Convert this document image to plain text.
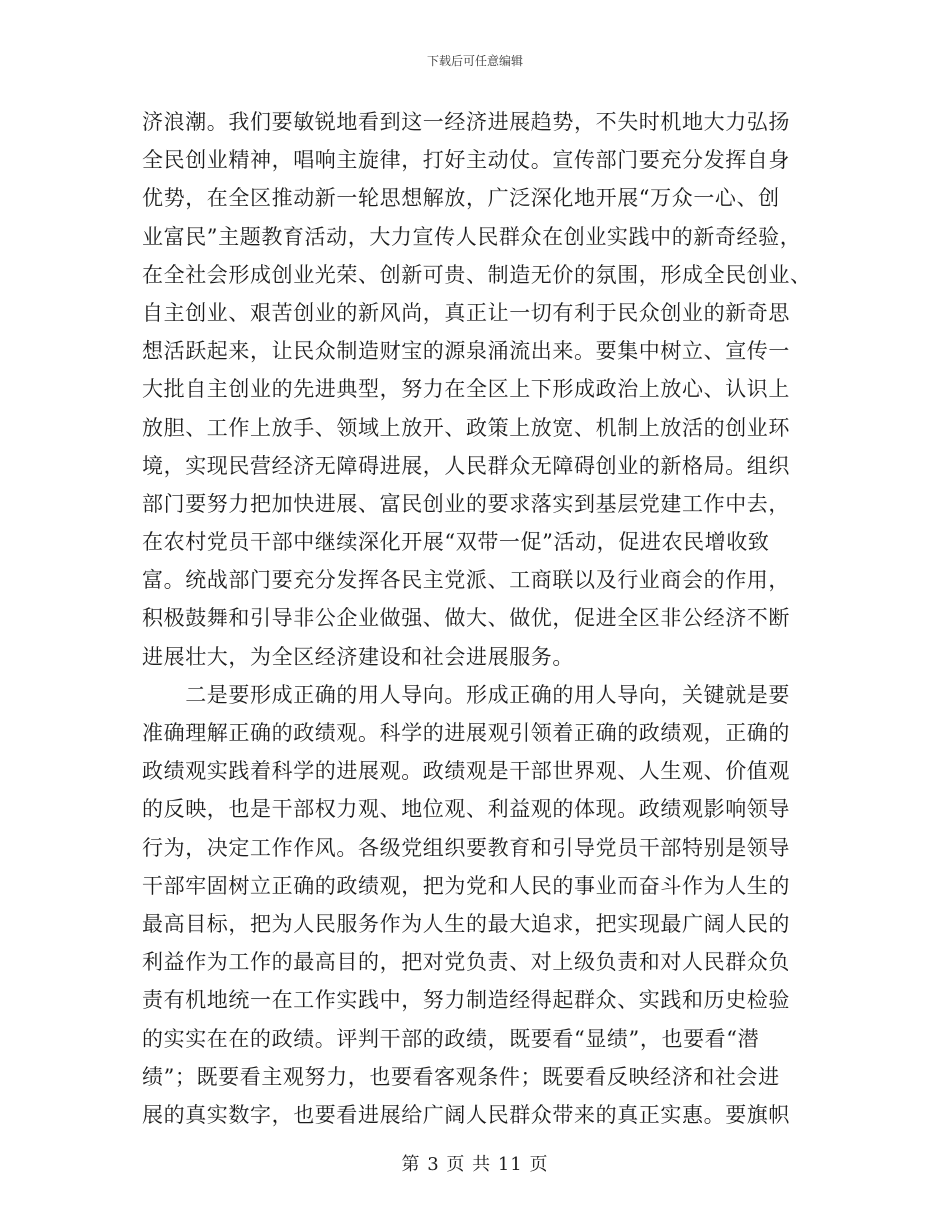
下载后可任意编辑
济浪潮。我们要敏锐地看到这一经济进展趋势，不失时机地大力弘扬
全民创业精神，唱响主旋律，打好主动仗。宣传部门要充分发挥自身
优势，在全区推动新一轮思想解放，广泛深化地开展“万众一心、创
业富民”主题教育活动，大力宣传人民群众在创业实践中的新奇经验，
在全社会形成创业光荣、创新可贵、制造无价的氛围，形成全民创业、
自主创业、艰苦创业的新风尚，真正让一切有利于民众创业的新奇思
想活跃起来，让民众制造财宝的源泉涌流出来。要集中树立、宣传一
大批自主创业的先进典型，努力在全区上下形成政治上放心、认识上
放胆、工作上放手、领域上放开、政策上放宽、机制上放活的创业环
境，实现民营经济无障碍进展，人民群众无障碍创业的新格局。组织
部门要努力把加快进展、富民创业的要求落实到基层党建工作中去，
在农村党员干部中继续深化开展“双带一促”活动，促进农民增收致
富。统战部门要充分发挥各民主党派、工商联以及行业商会的作用，
积极鼓舞和引导非公企业做强、做大、做优，促进全区非公经济不断
进展壮大，为全区经济建设和社会进展服务。
　　二是要形成正确的用人导向。形成正确的用人导向，关键就是要
准确理解正确的政绩观。科学的进展观引领着正确的政绩观，正确的
政绩观实践着科学的进展观。政绩观是干部世界观、人生观、价值观
的反映，也是干部权力观、地位观、利益观的体现。政绩观影响领导
行为，决定工作作风。各级党组织要教育和引导党员干部特别是领导
干部牢固树立正确的政绩观，把为党和人民的事业而奋斗作为人生的
最高目标，把为人民服务作为人生的最大追求，把实现最广阔人民的
利益作为工作的最高目的，把对党负责、对上级负责和对人民群众负
责有机地统一在工作实践中，努力制造经得起群众、实践和历史检验
的实实在在的政绩。评判干部的政绩，既要看“显绩”，也要看“潜
绩”；既要看主观努力，也要看客观条件；既要看反映经济和社会进
展的真实数字，也要看进展给广阔人民群众带来的真正实惠。要旗帜
第 3 页 共 11 页
